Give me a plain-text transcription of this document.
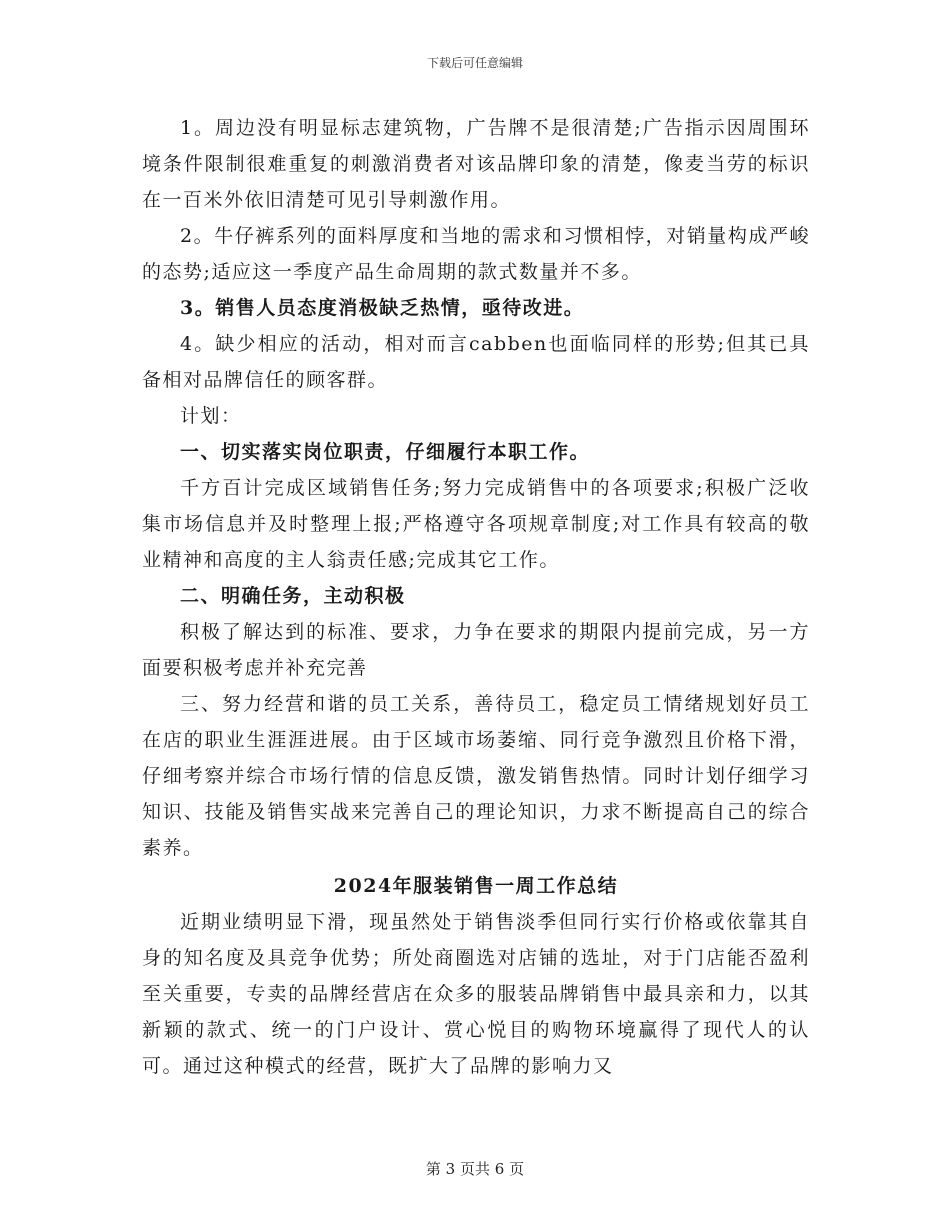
下载后可任意编辑

1。周边没有明显标志建筑物，广告牌不是很清楚;广告指示因周围环境条件限制很难重复的刺激消费者对该品牌印象的清楚，像麦当劳的标识在一百米外依旧清楚可见引导刺激作用。

2。牛仔裤系列的面料厚度和当地的需求和习惯相悖，对销量构成严峻的态势;适应这一季度产品生命周期的款式数量并不多。

3。销售人员态度消极缺乏热情，亟待改进。

4。缺少相应的活动，相对而言cabben也面临同样的形势;但其已具备相对品牌信任的顾客群。

计划：

一、切实落实岗位职责，仔细履行本职工作。

千方百计完成区域销售任务;努力完成销售中的各项要求;积极广泛收集市场信息并及时整理上报;严格遵守各项规章制度;对工作具有较高的敬业精神和高度的主人翁责任感;完成其它工作。

二、明确任务，主动积极

积极了解达到的标准、要求，力争在要求的期限内提前完成，另一方面要积极考虑并补充完善

三、努力经营和谐的员工关系，善待员工，稳定员工情绪规划好员工在店的职业生涯涯进展。由于区域市场萎缩、同行竞争激烈且价格下滑，仔细考察并综合市场行情的信息反馈，激发销售热情。同时计划仔细学习知识、技能及销售实战来完善自己的理论知识，力求不断提高自己的综合素养。

2024年服装销售一周工作总结

近期业绩明显下滑，现虽然处于销售淡季但同行实行价格或依靠其自身的知名度及具竞争优势；所处商圈选对店铺的选址，对于门店能否盈利至关重要，专卖的品牌经营店在众多的服装品牌销售中最具亲和力，以其新颖的款式、统一的门户设计、赏心悦目的购物环境赢得了现代人的认可。通过这种模式的经营，既扩大了品牌的影响力又

第 3 页共 6 页
